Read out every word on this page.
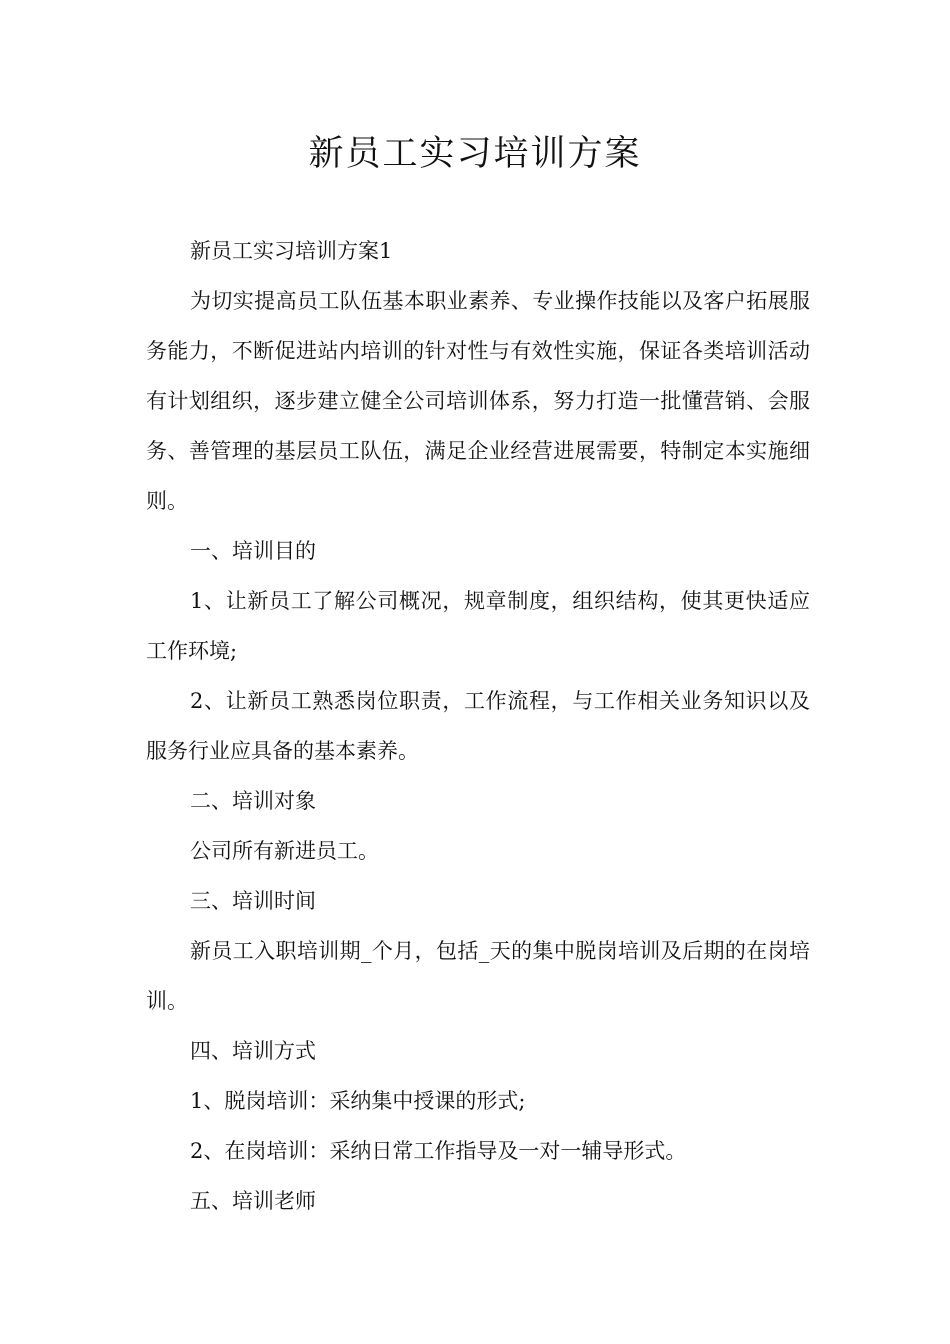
新员工实习培训方案

新员工实习培训方案1

为切实提高员工队伍基本职业素养、专业操作技能以及客户拓展服务能力，不断促进站内培训的针对性与有效性实施，保证各类培训活动有计划组织，逐步建立健全公司培训体系，努力打造一批懂营销、会服务、善管理的基层员工队伍，满足企业经营进展需要，特制定本实施细则。

一、培训目的

1、让新员工了解公司概况，规章制度，组织结构，使其更快适应工作环境;

2、让新员工熟悉岗位职责，工作流程，与工作相关业务知识以及服务行业应具备的基本素养。

二、培训对象

公司所有新进员工。

三、培训时间

新员工入职培训期_个月，包括_天的集中脱岗培训及后期的在岗培训。

四、培训方式

1、脱岗培训：采纳集中授课的形式;

2、在岗培训：采纳日常工作指导及一对一辅导形式。

五、培训老师
